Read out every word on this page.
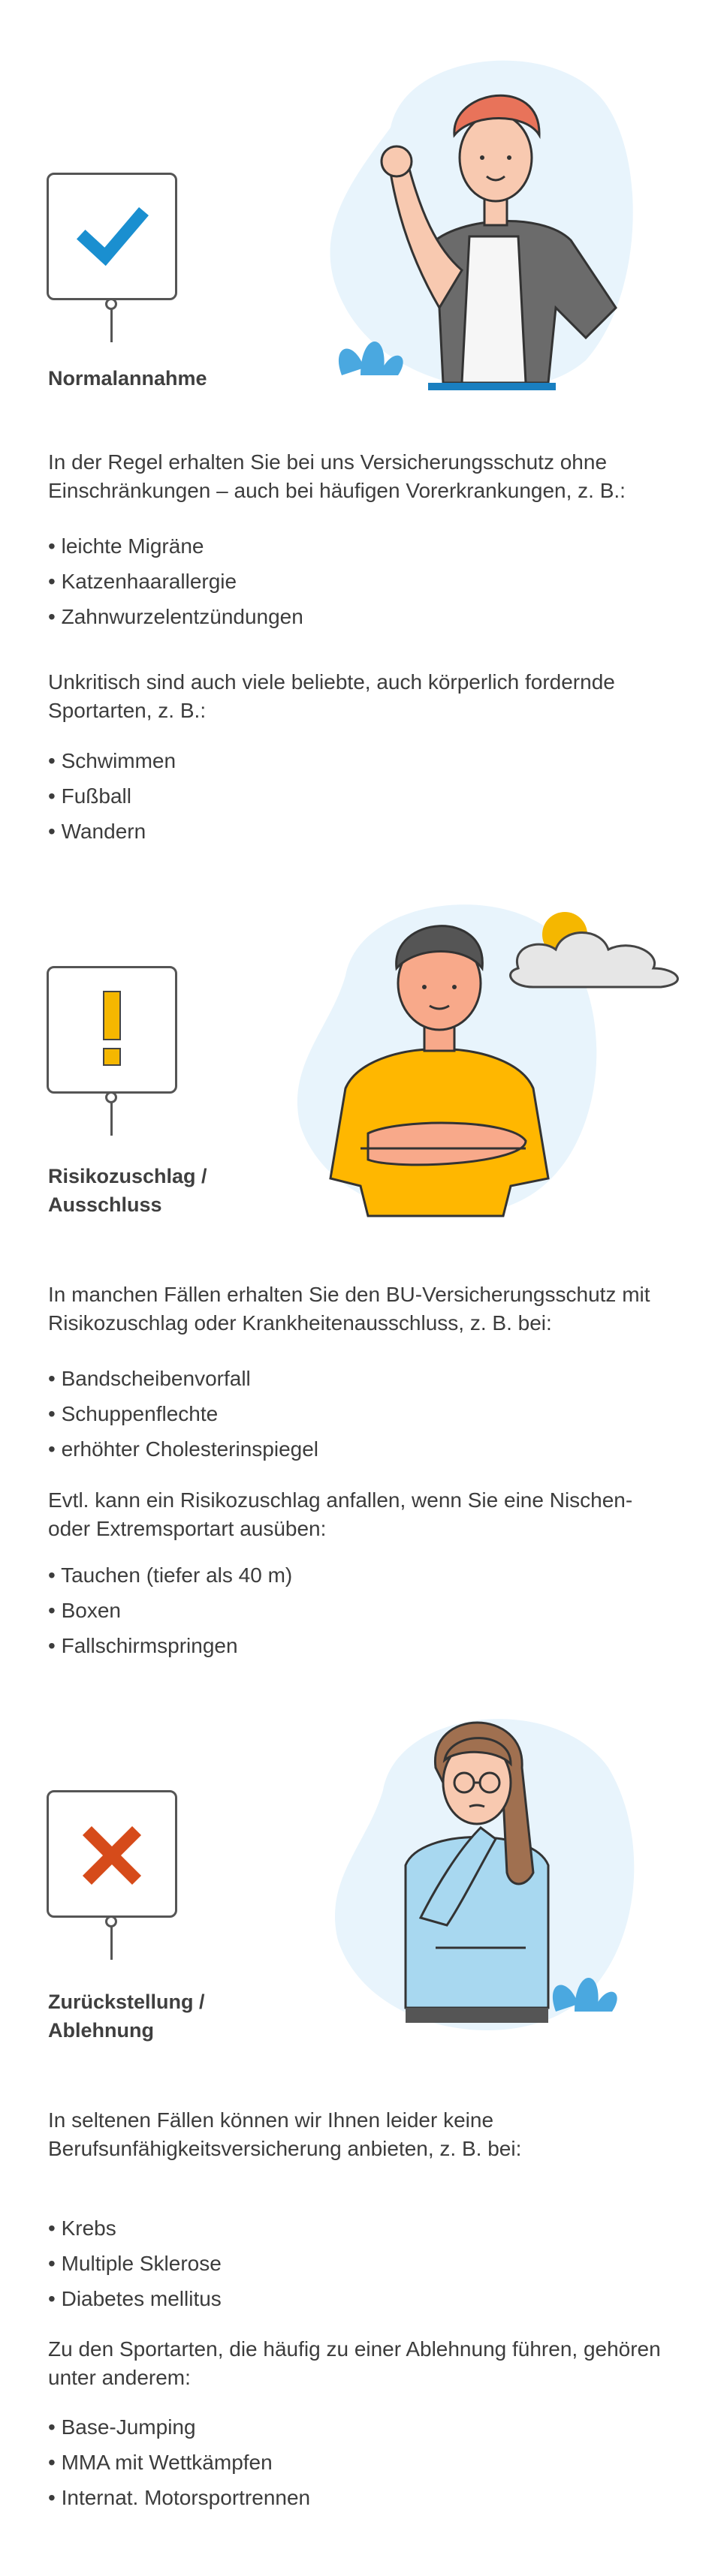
Normalannahme
In der Regel erhalten Sie bei uns Versicherungsschutz ohne Einschränkungen – auch bei häufigen Vorerkrankungen, z. B.:
• leichte Migräne
• Katzenhaarallergie
• Zahnwurzelentzündungen
Unkritisch sind auch viele beliebte, auch körperlich fordernde Sportarten, z. B.:
• Schwimmen
• Fußball
• Wandern
Risikozuschlag / Ausschluss
In manchen Fällen erhalten Sie den BU-Versicherungsschutz mit Risikozuschlag oder Krankheitenausschluss, z. B. bei:
• Bandscheibenvorfall
• Schuppenflechte
• erhöhter Cholesterinspiegel
Evtl. kann ein Risikozuschlag anfallen, wenn Sie eine Nischen- oder Extremsportart ausüben:
• Tauchen (tiefer als 40 m)
• Boxen
• Fallschirmspringen
Zurückstellung / Ablehnung
In seltenen Fällen können wir Ihnen leider keine Berufsunfähigkeitsversicherung anbieten, z. B. bei:
• Krebs
• Multiple Sklerose
• Diabetes mellitus
Zu den Sportarten, die häufig zu einer Ablehnung führen, gehören unter anderem:
• Base-Jumping
• MMA mit Wettkämpfen
• Internat. Motorsportrennen
